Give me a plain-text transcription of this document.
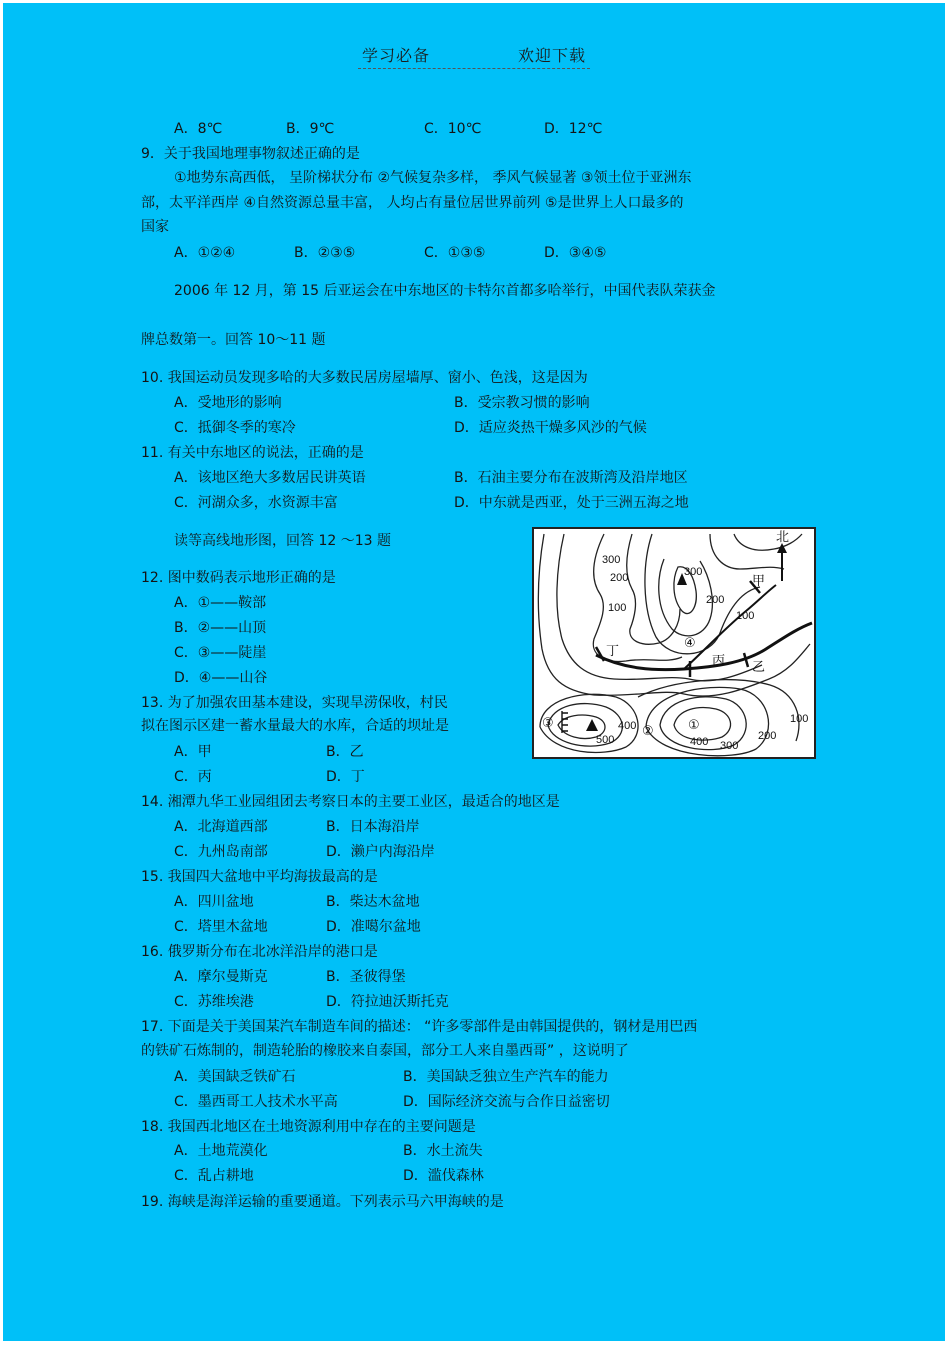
学习必备	欢迎下载
A．8℃	B．9℃	C．10℃	D．12℃
9．关于我国地理事物叙述正确的是
①地势东高西低， 呈阶梯状分布 ②气候复杂多样， 季风气候显著 ③领土位于亚洲东
部，太平洋西岸 ④自然资源总量丰富， 人均占有量位居世界前列 ⑤是世界上人口最多的
国家
A．①②④	B．②③⑤	C．①③⑤	D．③④⑤
2006 年 12 月，第 15 后亚运会在中东地区的卡特尔首都多哈举行，中国代表队荣获金
牌总数第一。回答 10～11 题
10. 我国运动员发现多哈的大多数民居房屋墙厚、窗小、色浅，这是因为
A．受地形的影响	B．受宗教习惯的影响
C．抵御冬季的寒冷	D．适应炎热干燥多风沙的气候
11. 有关中东地区的说法，正确的是
A．该地区绝大多数居民讲英语	B．石油主要分布在波斯湾及沿岸地区
C．河湖众多，水资源丰富	D．中东就是西亚，处于三洲五海之地
读等高线地形图，回答 12 ～13 题
12. 图中数码表示地形正确的是
A．①——鞍部
B．②——山顶
C．③——陡崖
D．④——山谷
13. 为了加强农田基本建设，实现旱涝保收，村民
拟在图示区建一蓄水量最大的水库，合适的坝址是
A．甲	B．乙
C．丙	D．丁
14. 湘潭九华工业园组团去考察日本的主要工业区，最适合的地区是
A．北海道西部	B．日本海沿岸
C．九州岛南部	D．濑户内海沿岸
15. 我国四大盆地中平均海拔最高的是
A．四川盆地	B．柴达木盆地
C．塔里木盆地	D．准噶尔盆地
16. 俄罗斯分布在北冰洋沿岸的港口是
A．摩尔曼斯克	B．圣彼得堡
C．苏维埃港	D．符拉迪沃斯托克
17. 下面是关于美国某汽车制造车间的描述： “许多零部件是由韩国提供的，钢材是用巴西
的铁矿石炼制的，制造轮胎的橡胶来自泰国，部分工人来自墨西哥” ，这说明了
A．美国缺乏铁矿石	B．美国缺乏独立生产汽车的能力
C．墨西哥工人技术水平高	D．国际经济交流与合作日益密切
18. 我国西北地区在土地资源利用中存在的主要问题是
A．土地荒漠化	B．水土流失
C．乱占耕地	D．滥伐森林
19. 海峡是海洋运输的重要通道。下列表示马六甲海峡的是
北
300
200
100
300
200
100
100
200
300
400
400
500
甲
乙
丙
丁
①
②
③
④
